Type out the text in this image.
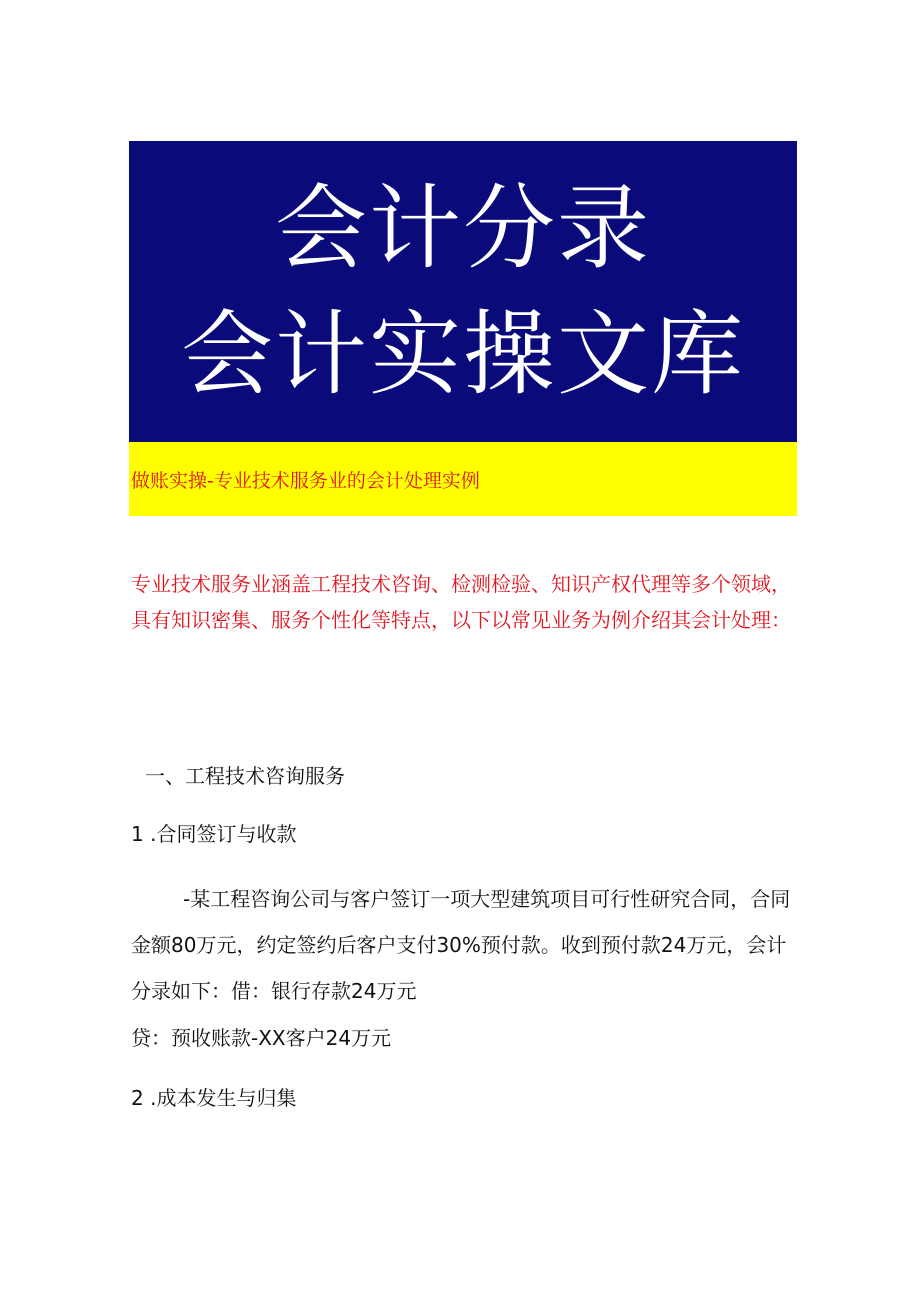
会计分录
会计实操文库
做账实操-专业技术服务业的会计处理实例
专业技术服务业涵盖工程技术咨询、检测检验、知识产权代理等多个领域，具有知识密集、服务个性化等特点，以下以常见业务为例介绍其会计处理：

一、工程技术咨询服务

1 .合同签订与收款

-某工程咨询公司与客户签订一项大型建筑项目可行性研究合同，合同金额80万元，约定签约后客户支付30%预付款。收到预付款24万元，会计分录如下：借：银行存款24万元

贷：预收账款-XX客户24万元

2 .成本发生与归集
